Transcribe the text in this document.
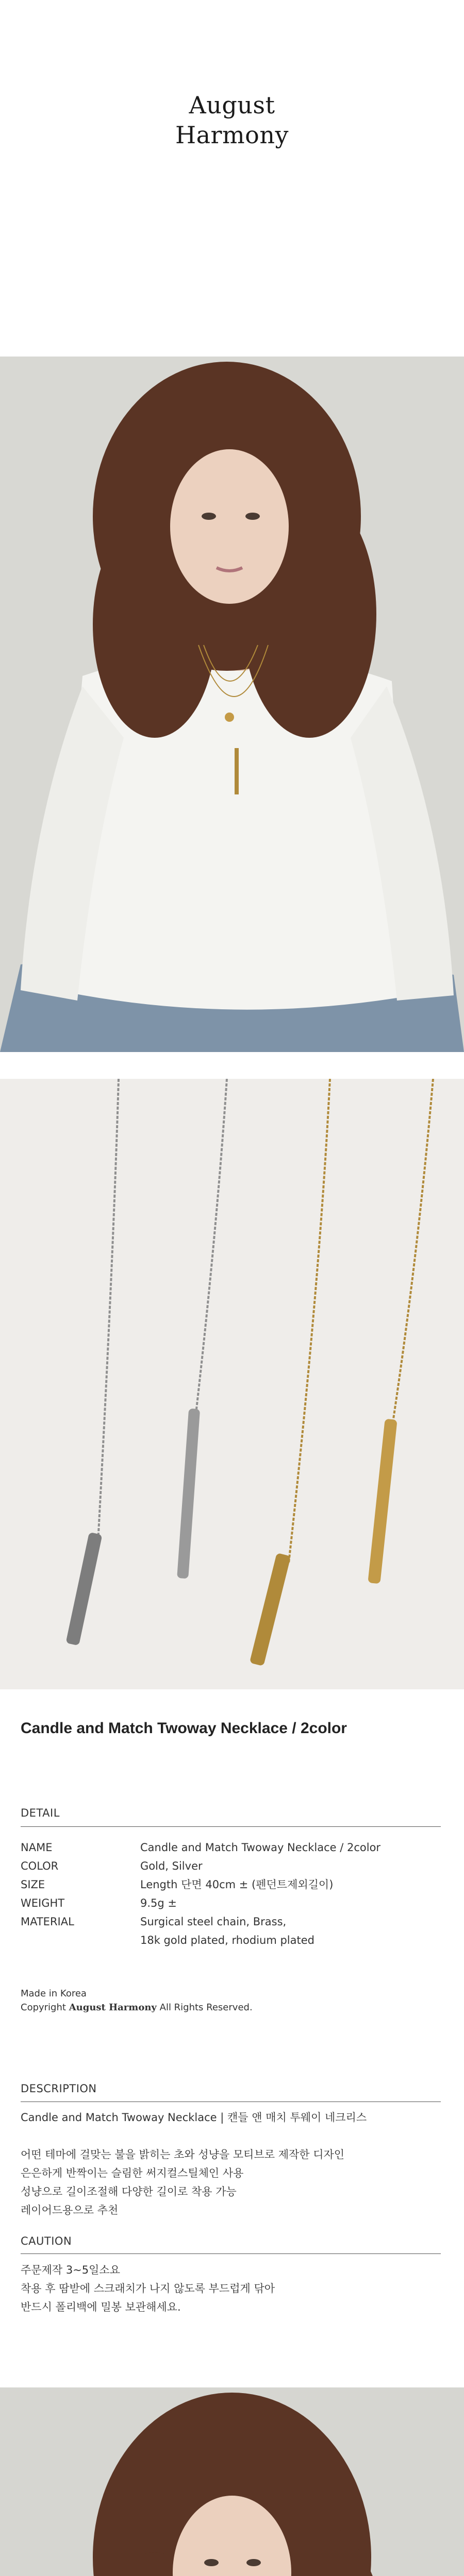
August
Harmony
Candle and Match Twoway Necklace / 2color
DETAIL
NAME	Candle and Match Twoway Necklace / 2color
COLOR	Gold, Silver
SIZE	Length 단면 40cm ± (펜던트제외길이)
WEIGHT	9.5g ±
MATERIAL	Surgical steel chain, Brass,
18k gold plated, rhodium plated
Made in Korea
Copyright August Harmony All Rights Reserved.
DESCRIPTION
Candle and Match Twoway Necklace | 캔들 앤 매치 투웨이 네크리스
어떤 테마에 걸맞는 불을 밝히는 초와 성냥을 모티브로 제작한 디자인
은은하게 반짝이는 슬림한 써지컬스틸체인 사용
성냥으로 길이조절해 다양한 길이로 착용 가능
레이어드용으로 추천
CAUTION
주문제작 3~5일소요
착용 후 땀받에 스크래치가 나지 않도록 부드럽게 닦아
반드시 폴리백에 밀봉 보관해세요.
